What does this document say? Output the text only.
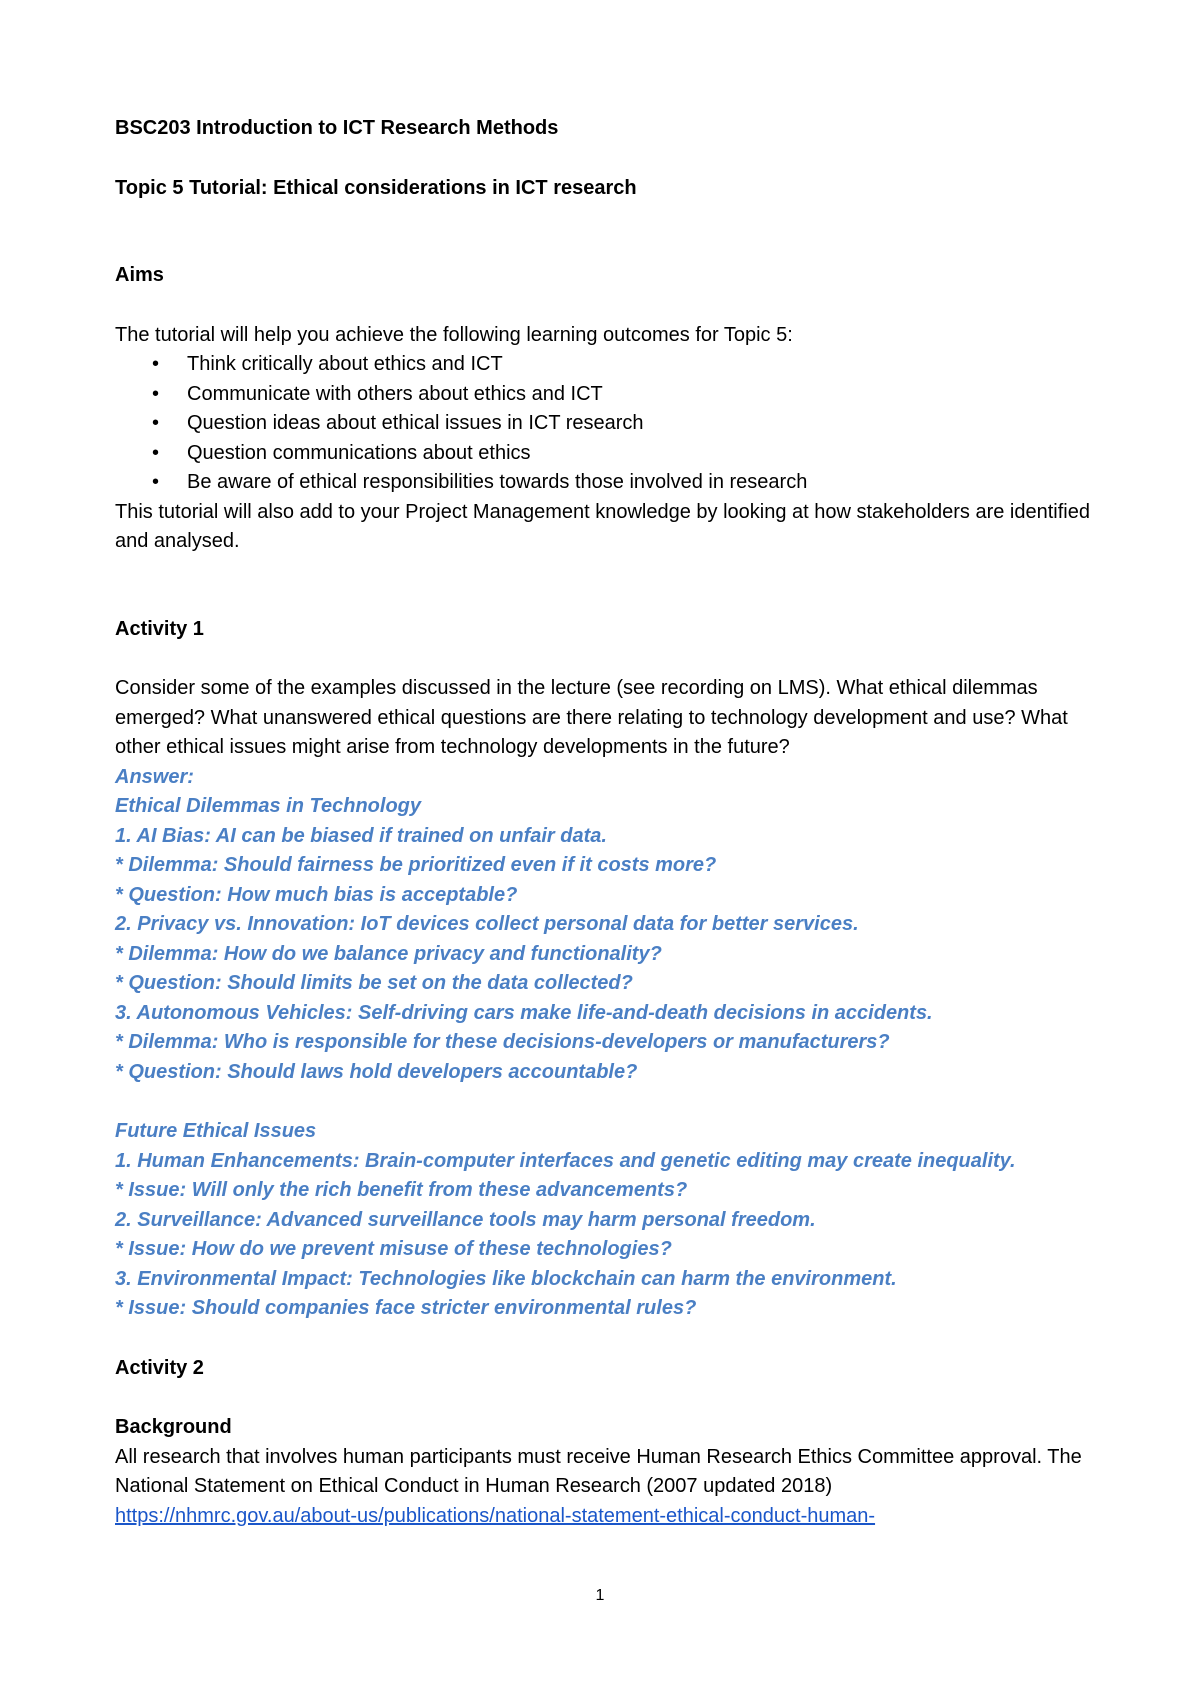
BSC203 Introduction to ICT Research Methods

Topic 5 Tutorial: Ethical considerations in ICT research

Aims

The tutorial will help you achieve the following learning outcomes for Topic 5:

• Think critically about ethics and ICT
• Communicate with others about ethics and ICT
• Question ideas about ethical issues in ICT research
• Question communications about ethics
• Be aware of ethical responsibilities towards those involved in research

This tutorial will also add to your Project Management knowledge by looking at how stakeholders are identified and analysed.

Activity 1

Consider some of the examples discussed in the lecture (see recording on LMS). What ethical dilemmas emerged? What unanswered ethical questions are there relating to technology development and use? What other ethical issues might arise from technology developments in the future?

Answer:

Ethical Dilemmas in Technology

1. AI Bias: AI can be biased if trained on unfair data.

* Dilemma: Should fairness be prioritized even if it costs more?

* Question: How much bias is acceptable?

2. Privacy vs. Innovation: IoT devices collect personal data for better services.

* Dilemma: How do we balance privacy and functionality?

* Question: Should limits be set on the data collected?

3. Autonomous Vehicles: Self-driving cars make life-and-death decisions in accidents.

* Dilemma: Who is responsible for these decisions-developers or manufacturers?

* Question: Should laws hold developers accountable?

Future Ethical Issues

1. Human Enhancements: Brain-computer interfaces and genetic editing may create inequality.

* Issue: Will only the rich benefit from these advancements?

2. Surveillance: Advanced surveillance tools may harm personal freedom.

* Issue: How do we prevent misuse of these technologies?

3. Environmental Impact: Technologies like blockchain can harm the environment.

* Issue: Should companies face stricter environmental rules?

Activity 2

Background

All research that involves human participants must receive Human Research Ethics Committee approval. The National Statement on Ethical Conduct in Human Research (2007 updated 2018)

https://nhmrc.gov.au/about-us/publications/national-statement-ethical-conduct-human-
1
